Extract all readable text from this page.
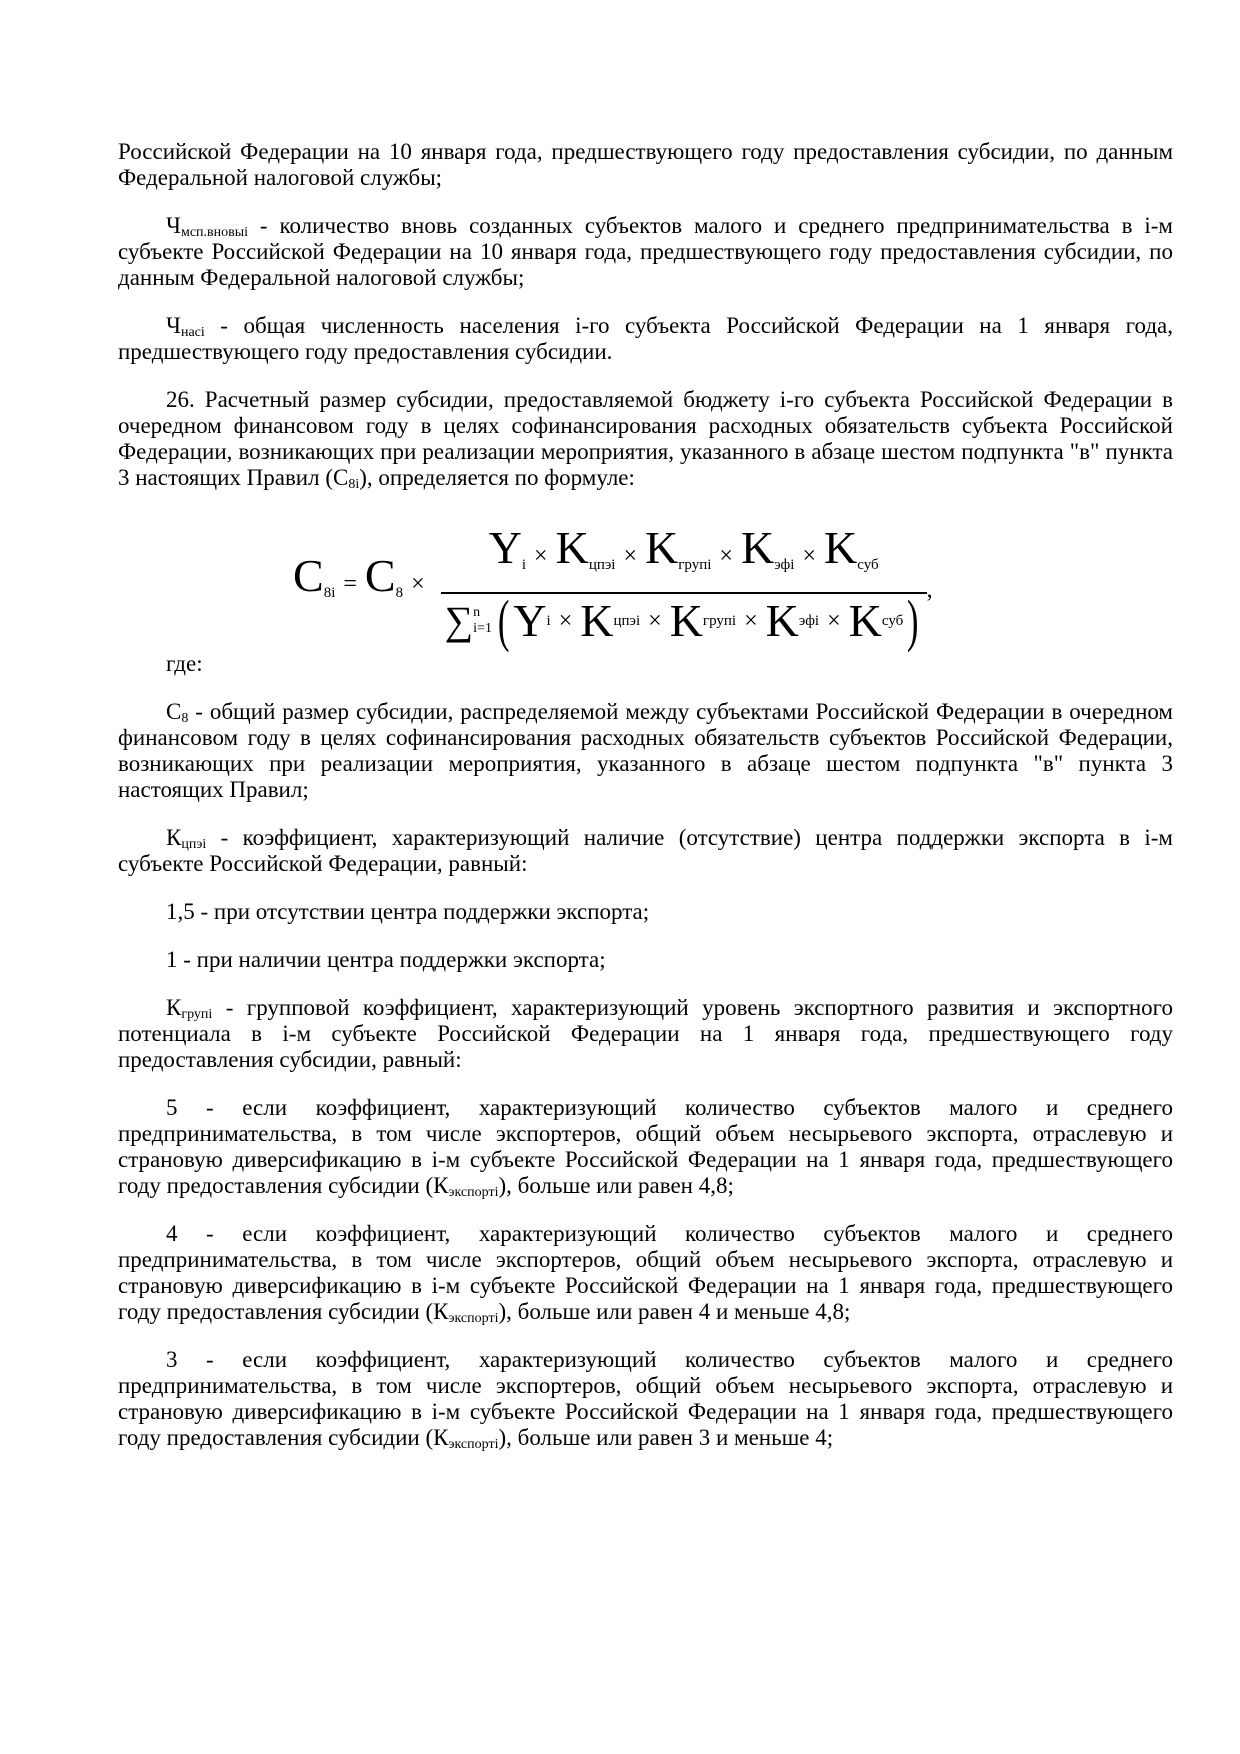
Российской Федерации на 10 января года, предшествующего году предоставления субсидии, по данным Федеральной налоговой службы;

$Ч_{мсп.вновыi}$ - количество вновь созданных субъектов малого и среднего предпринимательства в i-м субъекте Российской Федерации на 10 января года, предшествующего году предоставления субсидии, по данным Федеральной налоговой службы;

$Ч_{насi}$ - общая численность населения i-го субъекта Российской Федерации на 1 января года, предшествующего году предоставления субсидии.

26. Расчетный размер субсидии, предоставляемой бюджету i-го субъекта Российской Федерации в очередном финансовом году в целях софинансирования расходных обязательств субъекта Российской Федерации, возникающих при реализации мероприятия, указанного в абзаце шестом подпункта "в" пункта 3 настоящих Правил $(С_{8i})$, определяется по формуле:

C8i = C8 ×
Yi × Kцпэi × Kгрупi × Kэфi × Kсуб
∑ n
i=1 ( Y i × K цпэi × K групi × K эфi × K суб ) ,

где:

$С_8$ - общий размер субсидии, распределяемой между субъектами Российской Федерации в очередном финансовом году в целях софинансирования расходных обязательств субъектов Российской Федерации, возникающих при реализации мероприятия, указанного в абзаце шестом подпункта "в" пункта 3 настоящих Правил;

$К_{цпэi}$ - коэффициент, характеризующий наличие (отсутствие) центра поддержки экспорта в i-м субъекте Российской Федерации, равный:

1,5 - при отсутствии центра поддержки экспорта;

1 - при наличии центра поддержки экспорта;

$К_{групi}$ - групповой коэффициент, характеризующий уровень экспортного развития и экспортного потенциала в i-м субъекте Российской Федерации на 1 января года, предшествующего году предоставления субсидии, равный:

5 - если коэффициент, характеризующий количество субъектов малого и среднего предпринимательства, в том числе экспортеров, общий объем несырьевого экспорта, отраслевую и страновую диверсификацию в i-м субъекте Российской Федерации на 1 января года, предшествующего году предоставления субсидии $(К_{экспортi})$, больше или равен 4,8;

4 - если коэффициент, характеризующий количество субъектов малого и среднего предпринимательства, в том числе экспортеров, общий объем несырьевого экспорта, отраслевую и страновую диверсификацию в i-м субъекте Российской Федерации на 1 января года, предшествующего году предоставления субсидии $(К_{экспортi})$, больше или равен 4 и меньше 4,8;

3 - если коэффициент, характеризующий количество субъектов малого и среднего предпринимательства, в том числе экспортеров, общий объем несырьевого экспорта, отраслевую и страновую диверсификацию в i-м субъекте Российской Федерации на 1 января года, предшествующего году предоставления субсидии $(К_{экспортi})$, больше или равен 3 и меньше 4;
